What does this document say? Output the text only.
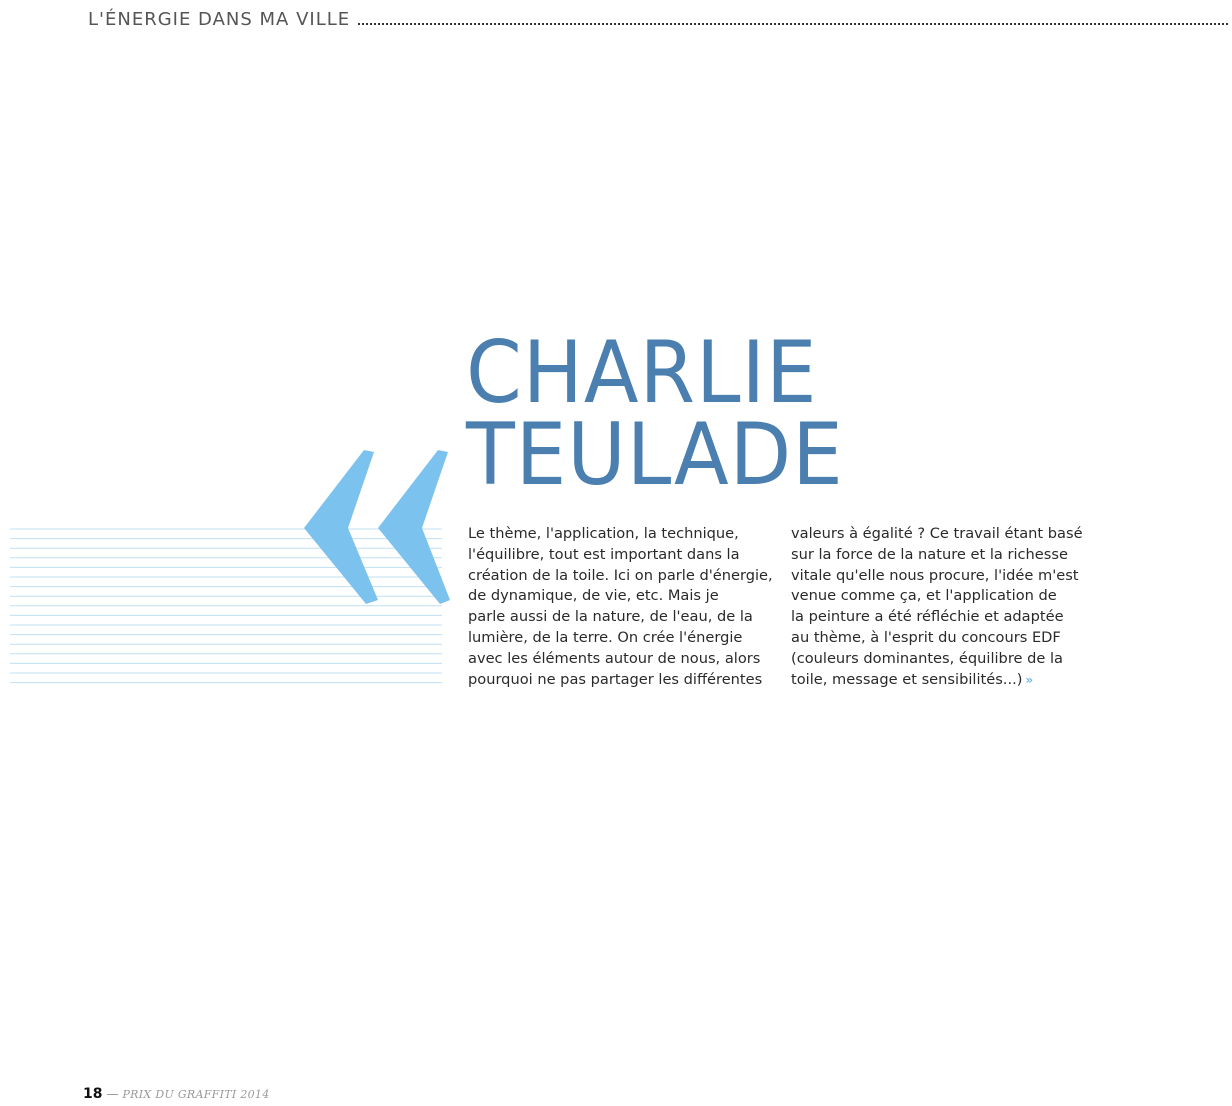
L'ÉNERGIE DANS MA VILLE
CHARLIE
TEULADE
Le thème, l'application, la technique,
l'équilibre, tout est important dans la
création de la toile. Ici on parle d'énergie,
de dynamique, de vie, etc. Mais je
parle aussi de la nature, de l'eau, de la
lumière, de la terre. On crée l'énergie
avec les éléments autour de nous, alors
pourquoi ne pas partager les différentes
valeurs à égalité ? Ce travail étant basé
sur la force de la nature et la richesse
vitale qu'elle nous procure, l'idée m'est
venue comme ça, et l'application de
la peinture a été réfléchie et adaptée
au thème, à l'esprit du concours EDF
(couleurs dominantes, équilibre de la
toile, message et sensibilités...) »
18 — PRIX DU GRAFFITI 2014
